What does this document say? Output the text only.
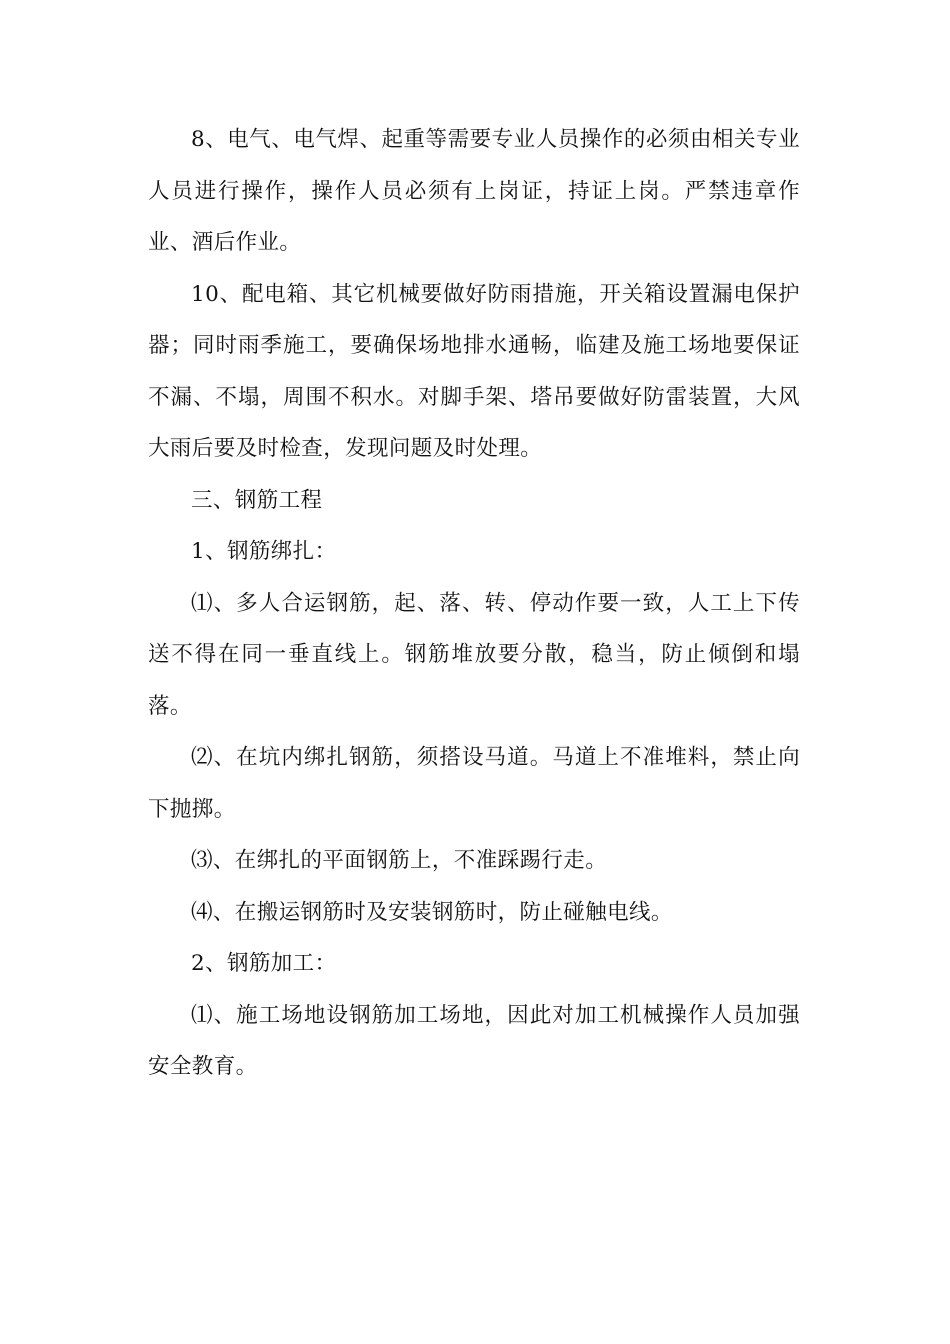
8、电气、电气焊、起重等需要专业人员操作的必须由相关专业人员进行操作，操作人员必须有上岗证，持证上岗。严禁违章作业、酒后作业。

10、配电箱、其它机械要做好防雨措施，开关箱设置漏电保护器；同时雨季施工，要确保场地排水通畅，临建及施工场地要保证不漏、不塌，周围不积水。对脚手架、塔吊要做好防雷装置，大风大雨后要及时检查，发现问题及时处理。

三、钢筋工程

1、钢筋绑扎：

⑴、多人合运钢筋，起、落、转、停动作要一致，人工上下传送不得在同一垂直线上。钢筋堆放要分散，稳当，防止倾倒和塌落。

⑵、在坑内绑扎钢筋，须搭设马道。马道上不准堆料，禁止向下抛掷。

⑶、在绑扎的平面钢筋上，不准踩踢行走。

⑷、在搬运钢筋时及安装钢筋时，防止碰触电线。

2、钢筋加工：

⑴、施工场地设钢筋加工场地，因此对加工机械操作人员加强安全教育。
